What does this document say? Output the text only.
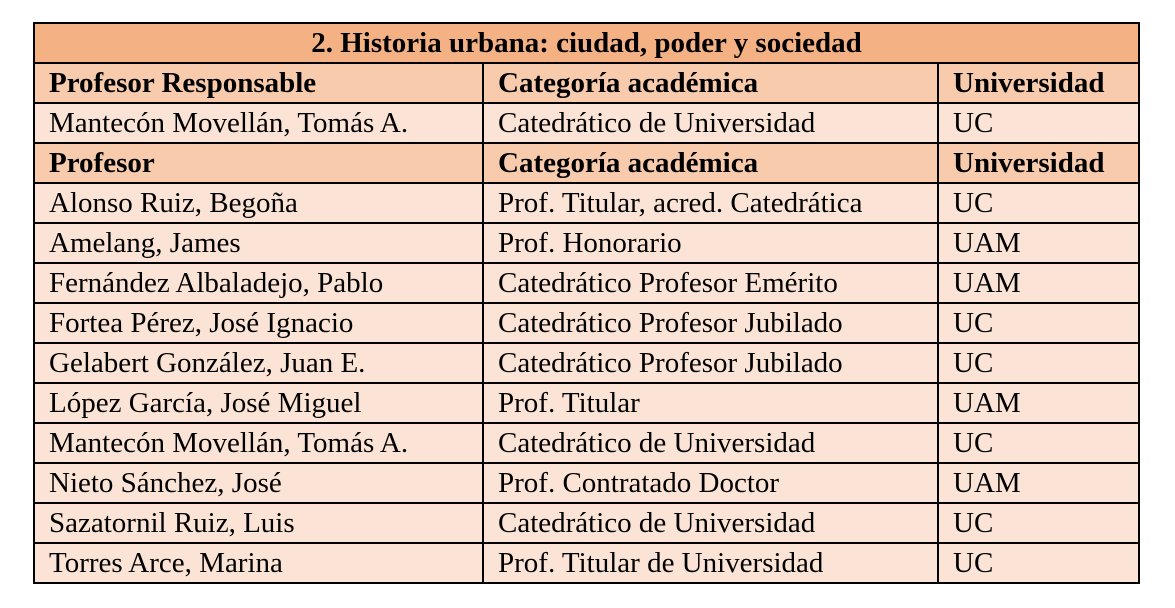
2. Historia urbana: ciudad, poder y sociedad		
Profesor Responsable	Categoría académica	Universidad
Mantecón Movellán, Tomás A.	Catedrático de Universidad	UC
Profesor	Categoría académica	Universidad
Alonso Ruiz, Begoña	Prof. Titular, acred. Catedrática	UC
Amelang, James	Prof. Honorario	UAM
Fernández Albaladejo, Pablo	Catedrático Profesor Emérito	UAM
Fortea Pérez, José Ignacio	Catedrático Profesor Jubilado	UC
Gelabert González, Juan E.	Catedrático Profesor Jubilado	UC
López García, José Miguel	Prof. Titular	UAM
Mantecón Movellán, Tomás A.	Catedrático de Universidad	UC
Nieto Sánchez, José	Prof. Contratado Doctor	UAM
Sazatornil Ruiz, Luis	Catedrático de Universidad	UC
Torres Arce, Marina	Prof. Titular de Universidad	UC
